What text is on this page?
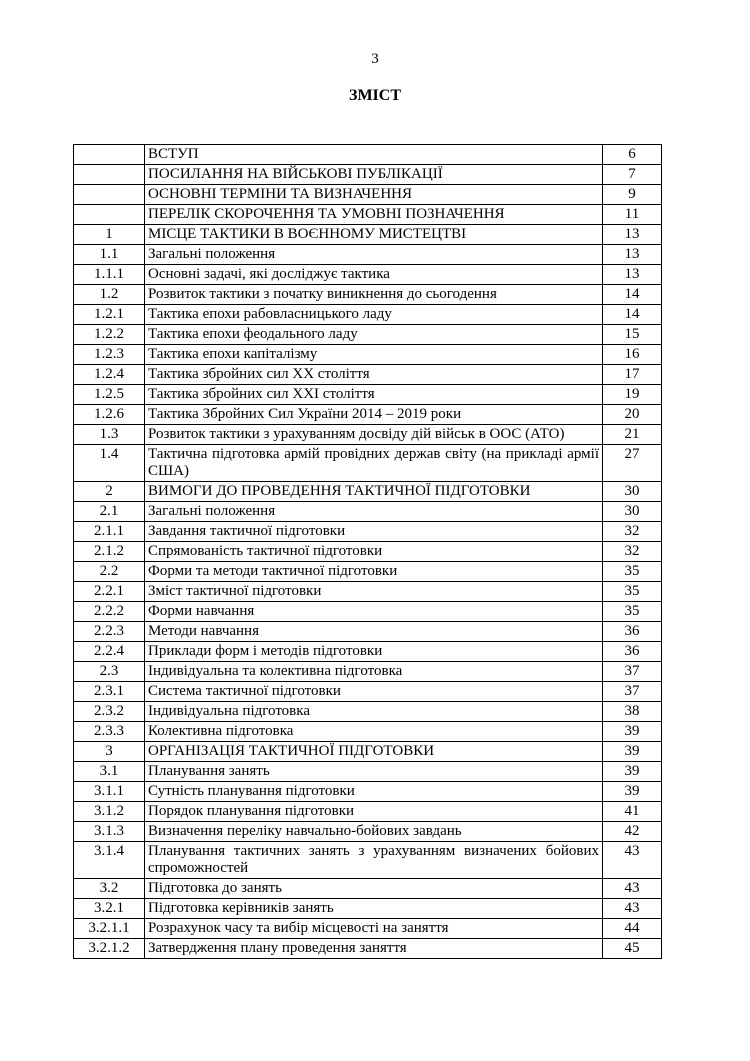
3
ЗМІСТ
	ВСТУП	6
	ПОСИЛАННЯ НА ВІЙСЬКОВІ ПУБЛІКАЦІЇ	7
	ОСНОВНІ ТЕРМІНИ ТА ВИЗНАЧЕННЯ	9
	ПЕРЕЛІК СКОРОЧЕННЯ ТА УМОВНІ ПОЗНАЧЕННЯ	11
1	МІСЦЕ ТАКТИКИ В ВОЄННОМУ МИСТЕЦТВІ	13
1.1	Загальні положення	13
1.1.1	Основні задачі, які досліджує тактика	13
1.2	Розвиток тактики з початку виникнення до сьогодення	14
1.2.1	Тактика епохи рабовласницького ладу	14
1.2.2	Тактика епохи феодального ладу	15
1.2.3	Тактика епохи капіталізму	16
1.2.4	Тактика збройних сил XX століття	17
1.2.5	Тактика збройних сил XXI століття	19
1.2.6	Тактика Збройних Сил України 2014 – 2019 роки	20
1.3	Розвиток тактики з урахуванням досвіду дій військ в ООС (АТО)	21
1.4	Тактична підготовка армій провідних держав світу (на прикладі армії США)	27
2	ВИМОГИ ДО ПРОВЕДЕННЯ ТАКТИЧНОЇ ПІДГОТОВКИ	30
2.1	Загальні положення	30
2.1.1	Завдання тактичної підготовки	32
2.1.2	Спрямованість тактичної підготовки	32
2.2	Форми та методи тактичної підготовки	35
2.2.1	Зміст тактичної підготовки	35
2.2.2	Форми навчання	35
2.2.3	Методи навчання	36
2.2.4	Приклади форм і методів підготовки	36
2.3	Індивідуальна та колективна підготовка	37
2.3.1	Система тактичної підготовки	37
2.3.2	Індивідуальна підготовка	38
2.3.3	Колективна підготовка	39
3	ОРГАНІЗАЦІЯ ТАКТИЧНОЇ ПІДГОТОВКИ	39
3.1	Планування занять	39
3.1.1	Сутність планування підготовки	39
3.1.2	Порядок планування підготовки	41
3.1.3	Визначення переліку навчально-бойових завдань	42
3.1.4	Планування тактичних занять з урахуванням визначених бойових спроможностей	43
3.2	Підготовка до занять	43
3.2.1	Підготовка керівників занять	43
3.2.1.1	Розрахунок часу та вибір місцевості на заняття	44
3.2.1.2	Затвердження плану проведення заняття	45
